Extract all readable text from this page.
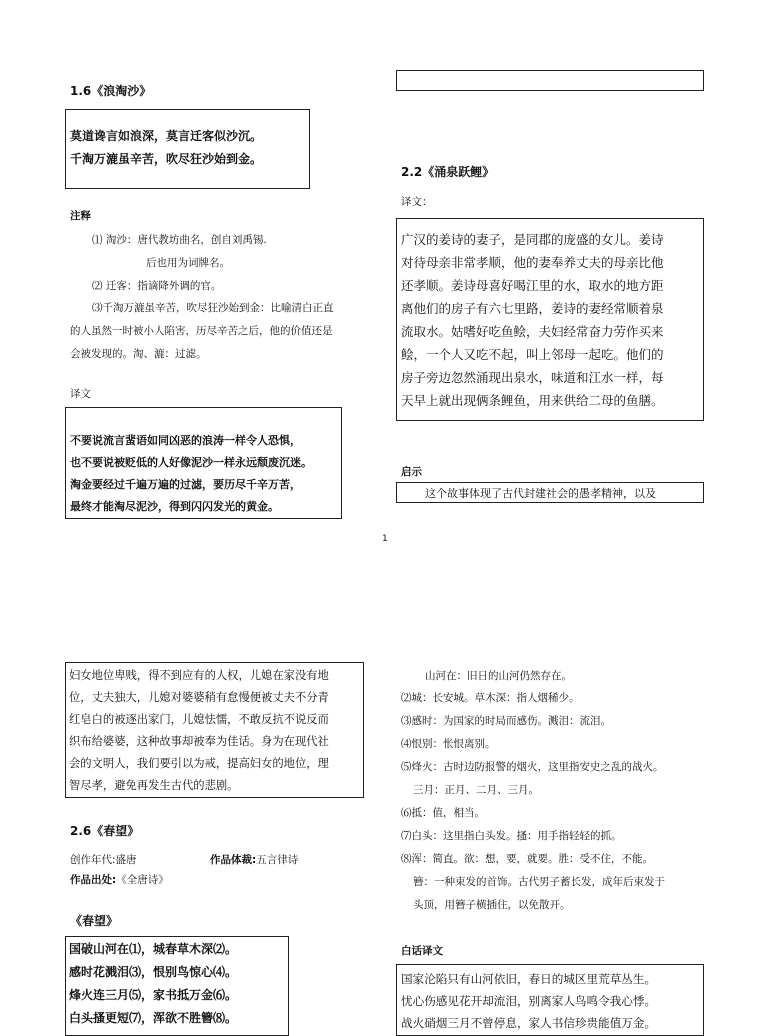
1.6《浪淘沙》
莫道谗言如浪深，莫言迁客似沙沉。
千淘万漉虽辛苦，吹尽狂沙始到金。
注释
⑴ 淘沙：唐代教坊曲名，创自刘禹锡.
后也用为词牌名。
⑵ 迁客：指谪降外调的官。
⑶千淘万漉虽辛苦，吹尽狂沙始到金：比喻清白正直
的人虽然一时被小人陷害，历尽辛苦之后，他的价值还是
会被发现的。淘、漉：过滤。
译文
不要说流言蜚语如同凶恶的浪涛一样令人恐惧，
也不要说被贬低的人好像泥沙一样永远颓废沉迷。
淘金要经过千遍万遍的过滤，要历尽千辛万苦，
最终才能淘尽泥沙，得到闪闪发光的黄金。
2.2《涌泉跃鲤》
译文：
广汉的姜诗的妻子，是同郡的庞盛的女儿。姜诗
对待母亲非常孝顺，他的妻奉养丈夫的母亲比他
还孝顺。姜诗母喜好喝江里的水，取水的地方距
离他们的房子有六七里路，姜诗的妻经常顺着泉
流取水。姑嗜好吃鱼鲙，夫妇经常奋力劳作买来
鲙，一个人又吃不起，叫上邻母一起吃。他们的
房子旁边忽然涌现出泉水，味道和江水一样，每
天早上就出现俩条鲤鱼，用来供给二母的鱼膳。
启示
这个故事体现了古代封建社会的愚孝精神，以及
1
妇女地位卑贱，得不到应有的人权，儿媳在家没有地
位，丈夫独大，儿媳对婆婆稍有怠慢便被丈夫不分青
红皂白的被逐出家门，儿媳怯懦，不敢反抗不说反而
织布给婆婆，这种故事却被奉为佳话。身为在现代社
会的文明人，我们要引以为戒，提高妇女的地位，理
智尽孝，避免再发生古代的悲剧。
2.6《春望》
创作年代:盛唐	作品体裁:五言律诗
作品出处:《全唐诗》
《春望》
国破山河在⑴，城春草木深⑵。
感时花溅泪⑶，恨别鸟惊心⑷。
烽火连三月⑸，家书抵万金⑹。
白头搔更短⑺，浑欲不胜簪⑻。
山河在：旧日的山河仍然存在。
⑵城：长安城。草木深：指人烟稀少。
⑶感时：为国家的时局而感伤。溅泪：流泪。
⑷恨别：怅恨离别。
⑸烽火：古时边防报警的烟火，这里指安史之乱的战火。
三月：正月、二月、三月。
⑹抵：值，相当。
⑺白头：这里指白头发。搔：用手指轻轻的抓。
⑻浑：简直。欲：想，要，就要。胜：受不住，不能。
簪：一种束发的首饰。古代男子蓄长发，成年后束发于
头顶，用簪子横插住，以免散开。
白话译文
国家沦陷只有山河依旧，春日的城区里荒草丛生。
忧心伤感见花开却流泪，别离家人鸟鸣令我心悸。
战火硝烟三月不曾停息，家人书信珍贵能值万金。
